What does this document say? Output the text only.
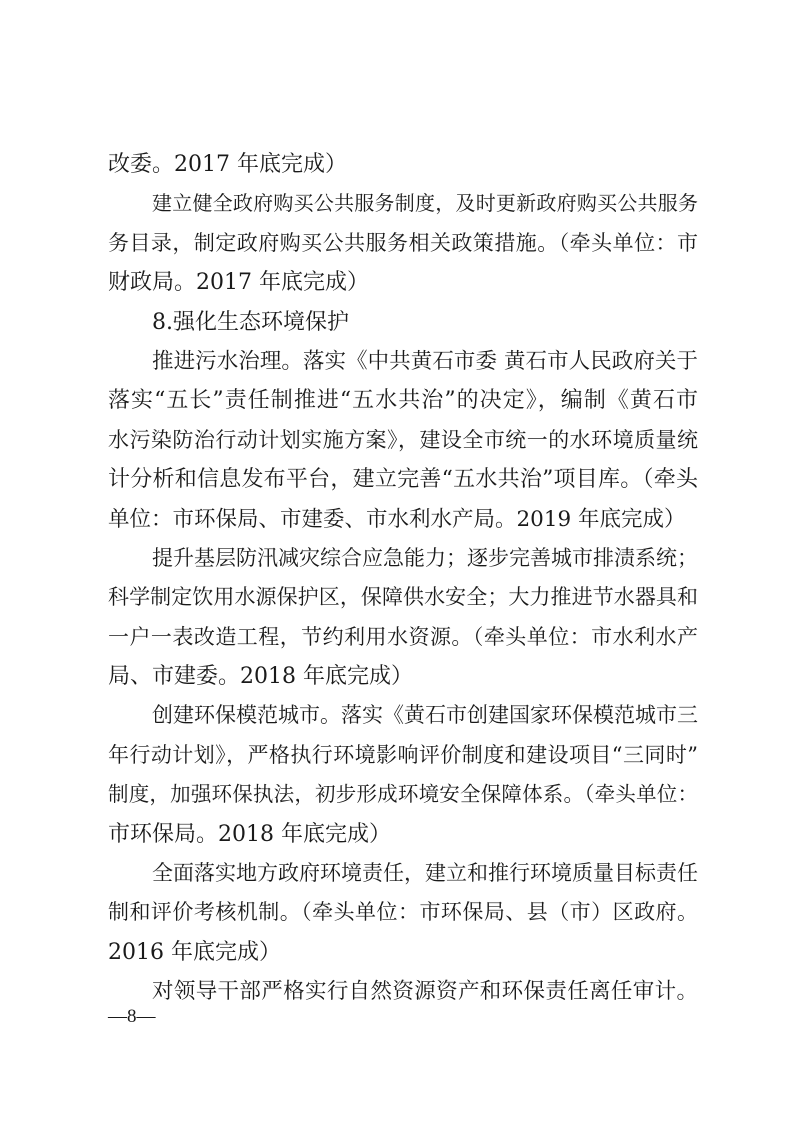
改委。2017 年底完成）
建立健全政府购买公共服务制度，及时更新政府购买公共服务
务目录，制定政府购买公共服务相关政策措施。（牵头单位：市
财政局。2017 年底完成）
8.强化生态环境保护
推进污水治理。落实《中共黄石市委 黄石市人民政府关于
落实“五长”责任制推进“五水共治”的决定》，编制《黄石市
水污染防治行动计划实施方案》，建设全市统一的水环境质量统
计分析和信息发布平台，建立完善“五水共治”项目库。（牵头
单位：市环保局、市建委、市水利水产局。2019 年底完成）
提升基层防汛减灾综合应急能力；逐步完善城市排渍系统；
科学制定饮用水源保护区，保障供水安全；大力推进节水器具和
一户一表改造工程，节约利用水资源。（牵头单位：市水利水产
局、市建委。2018 年底完成）
创建环保模范城市。落实《黄石市创建国家环保模范城市三
年行动计划》，严格执行环境影响评价制度和建设项目“三同时”
制度，加强环保执法，初步形成环境安全保障体系。（牵头单位：
市环保局。2018 年底完成）
全面落实地方政府环境责任，建立和推行环境质量目标责任
制和评价考核机制。（牵头单位：市环保局、县（市）区政府。
2016 年底完成）
对领导干部严格实行自然资源资产和环保责任离任审计。
—8—
